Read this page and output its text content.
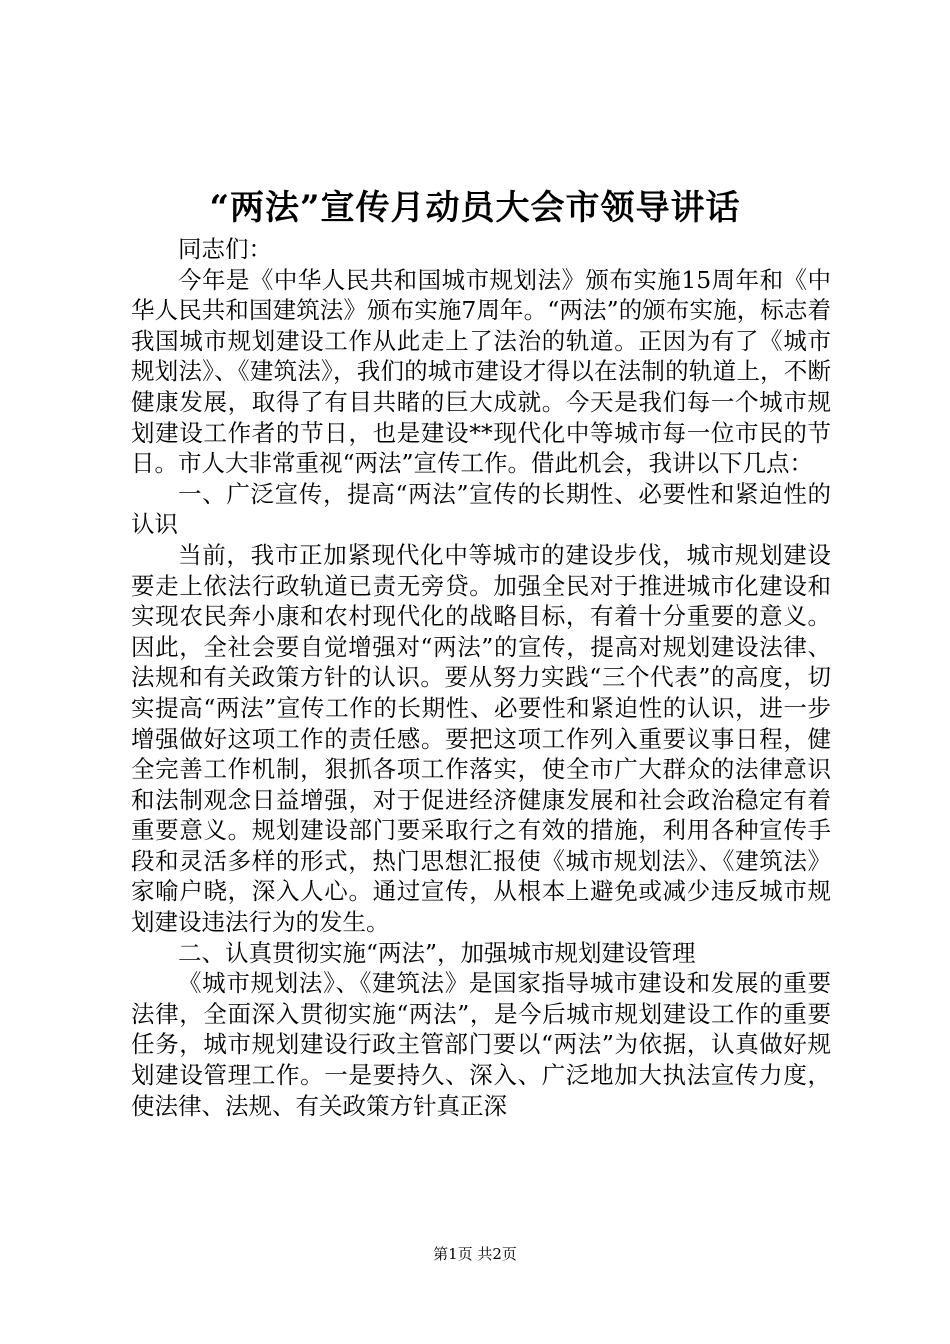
“两法”宣传月动员大会市领导讲话

同志们：

今年是《中华人民共和国城市规划法》颁布实施15周年和《中华人民共和国建筑法》颁布实施7周年。“两法”的颁布实施，标志着我国城市规划建设工作从此走上了法治的轨道。正因为有了《城市规划法》、《建筑法》，我们的城市建设才得以在法制的轨道上，不断健康发展，取得了有目共睹的巨大成就。今天是我们每一个城市规划建设工作者的节日，也是建设**现代化中等城市每一位市民的节日。市人大非常重视“两法”宣传工作。借此机会，我讲以下几点：

一、广泛宣传，提高“两法”宣传的长期性、必要性和紧迫性的认识

当前，我市正加紧现代化中等城市的建设步伐，城市规划建设要走上依法行政轨道已责无旁贷。加强全民对于推进城市化建设和实现农民奔小康和农村现代化的战略目标，有着十分重要的意义。因此，全社会要自觉增强对“两法”的宣传，提高对规划建设法律、法规和有关政策方针的认识。要从努力实践“三个代表”的高度，切实提高“两法”宣传工作的长期性、必要性和紧迫性的认识，进一步增强做好这项工作的责任感。要把这项工作列入重要议事日程，健全完善工作机制，狠抓各项工作落实，使全市广大群众的法律意识和法制观念日益增强，对于促进经济健康发展和社会政治稳定有着重要意义。规划建设部门要采取行之有效的措施，利用各种宣传手段和灵活多样的形式，热门思想汇报使《城市规划法》、《建筑法》家喻户晓，深入人心。通过宣传，从根本上避免或减少违反城市规划建设违法行为的发生。

二、认真贯彻实施“两法”，加强城市规划建设管理

《城市规划法》、《建筑法》是国家指导城市建设和发展的重要法律，全面深入贯彻实施“两法”，是今后城市规划建设工作的重要任务，城市规划建设行政主管部门要以“两法”为依据，认真做好规划建设管理工作。一是要持久、深入、广泛地加大执法宣传力度，使法律、法规、有关政策方针真正深

第1页 共2页
